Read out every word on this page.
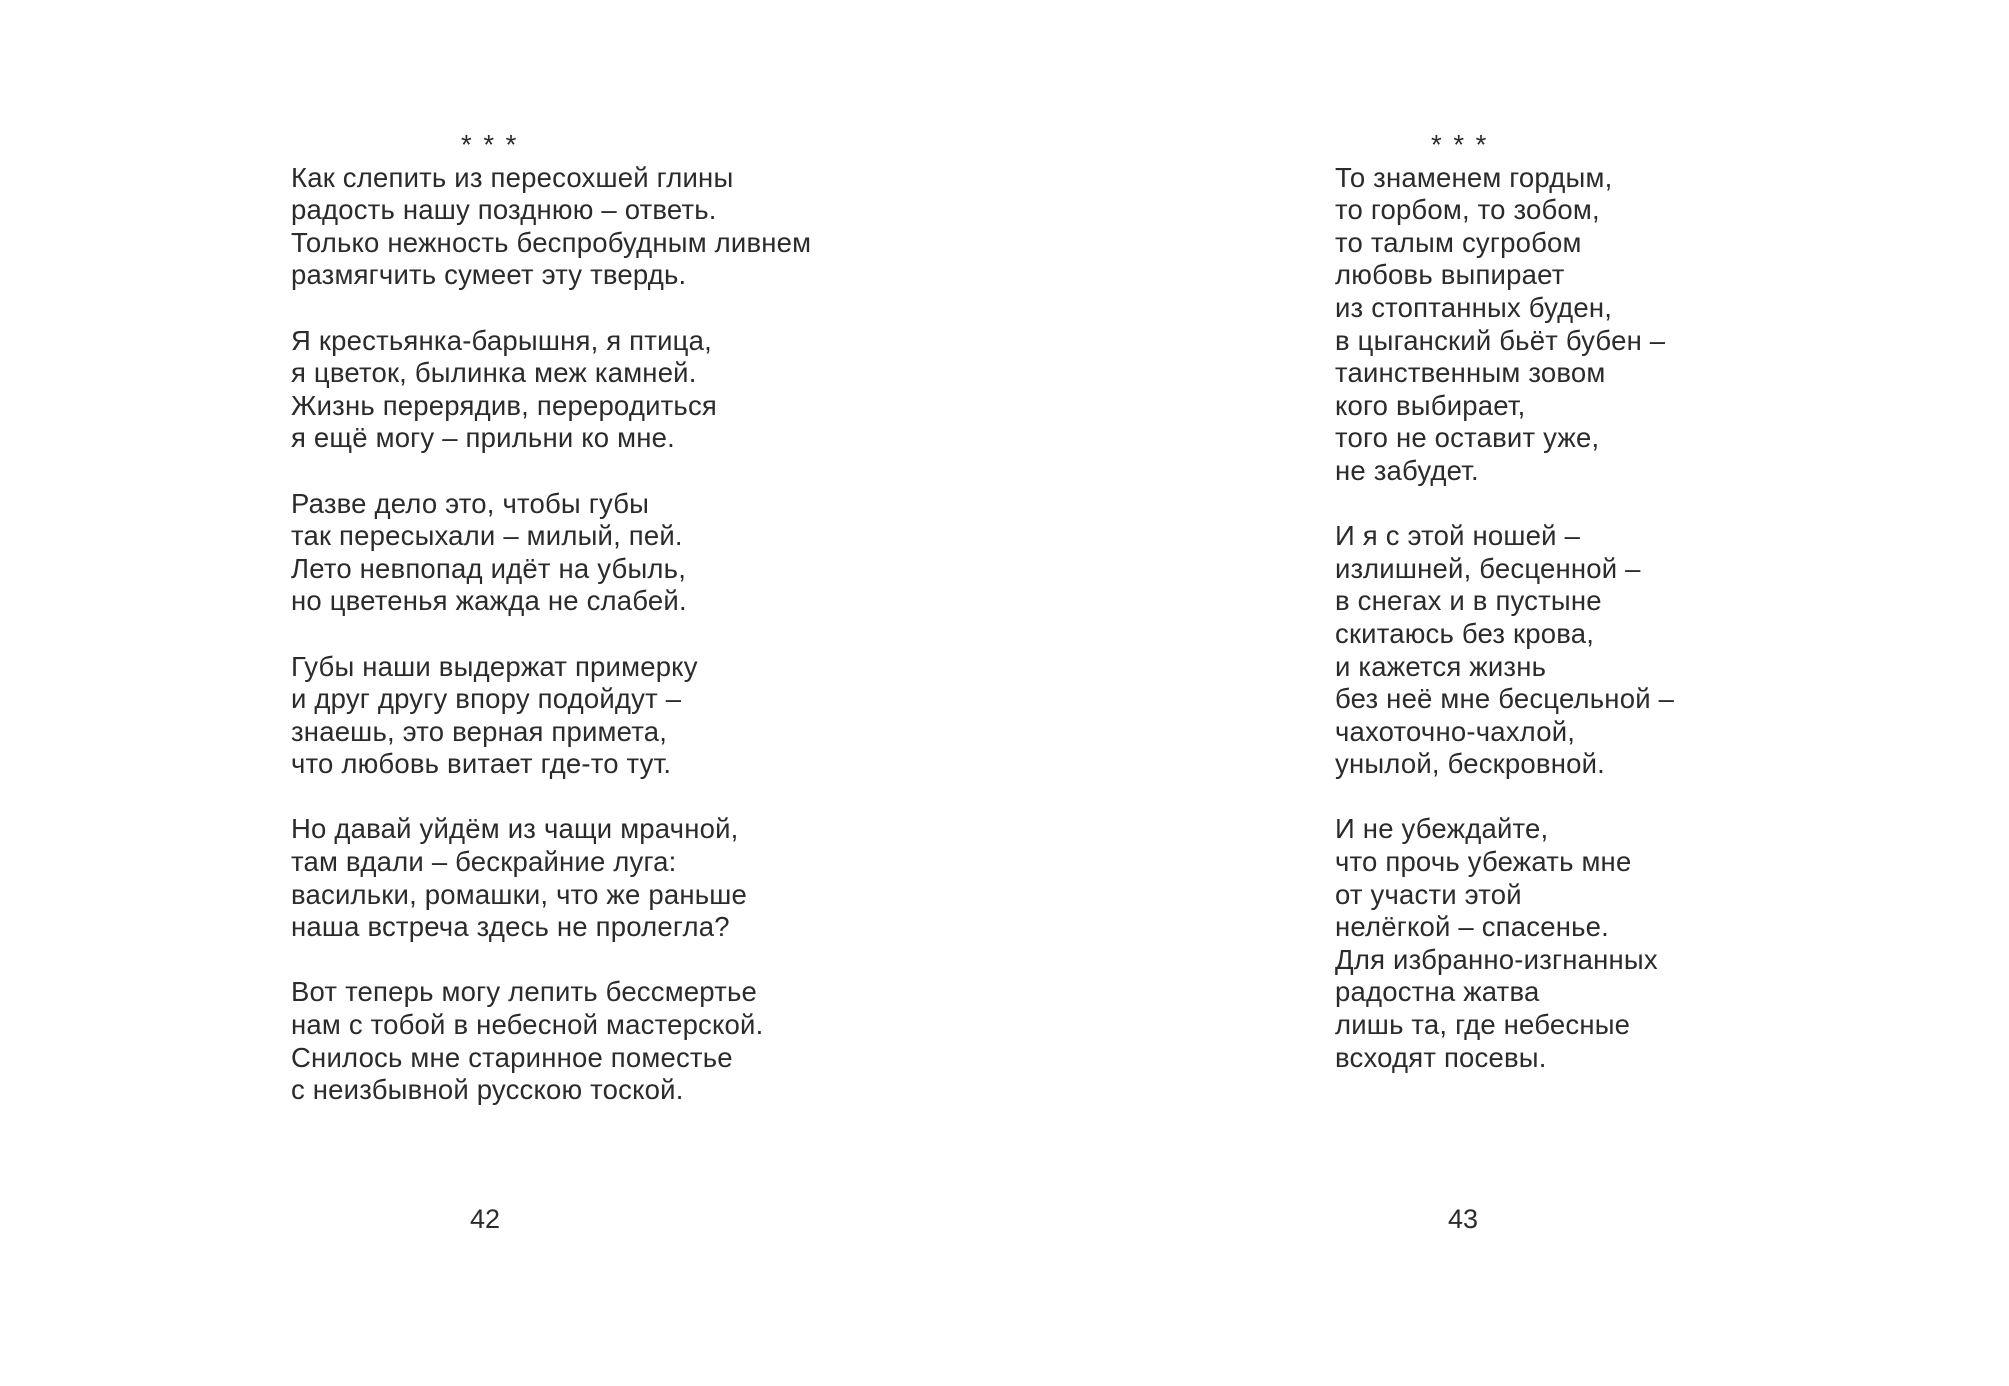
* * *

Как слепить из пересохшей глины
радость нашу позднюю – ответь.
Только нежность беспробудным ливнем
размягчить сумеет эту твердь.

Я крестьянка-барышня, я птица,
я цветок, былинка меж камней.
Жизнь перерядив, переродиться
я ещё могу – прильни ко мне.

Разве дело это, чтобы губы
так пересыхали – милый, пей.
Лето невпопад идёт на убыль,
но цветенья жажда не слабей.

Губы наши выдержат примерку
и друг другу впору подойдут –
знаешь, это верная примета,
что любовь витает где-то тут.

Но давай уйдём из чащи мрачной,
там вдали – бескрайние луга:
васильки, ромашки, что же раньше
наша встреча здесь не пролегла?

Вот теперь могу лепить бессмертье
нам с тобой в небесной мастерской.
Снилось мне старинное поместье
с неизбывной русскою тоской.

* * *

То знаменем гордым,
то горбом, то зобом,
то талым сугробом
любовь выпирает
из стоптанных буден,
в цыганский бьёт бубен –
таинственным зовом
кого выбирает,
того не оставит уже,
не забудет.

И я с этой ношей –
излишней, бесценной –
в снегах и в пустыне
скитаюсь без крова,
и кажется жизнь
без неё мне бесцельной –
чахоточно-чахлой,
унылой, бескровной.

И не убеждайте,
что прочь убежать мне
от участи этой
нелёгкой – спасенье.
Для избранно-изгнанных
радостна жатва
лишь та, где небесные
всходят посевы.

42	43
